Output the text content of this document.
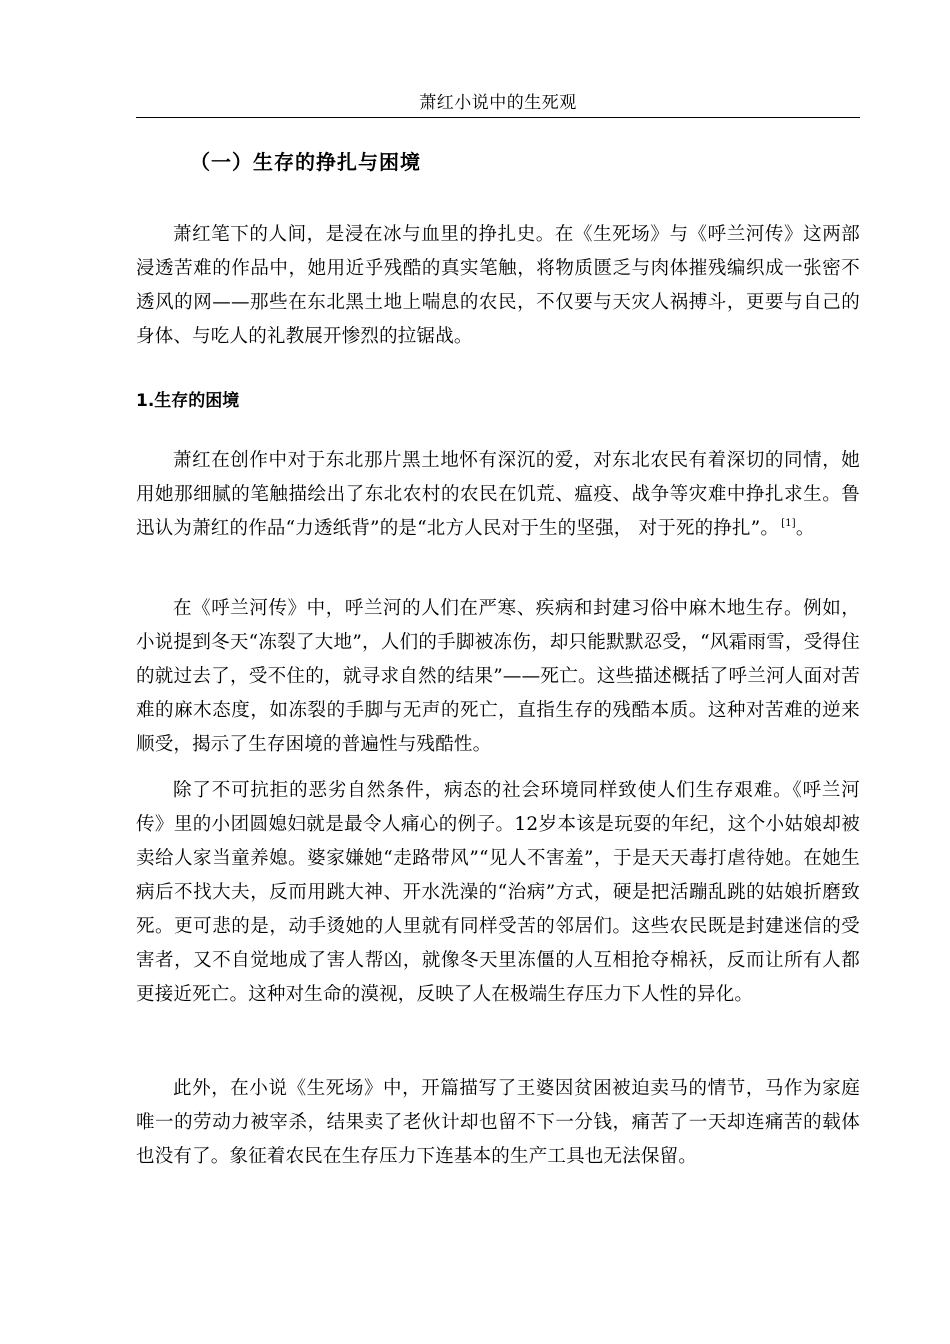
萧红小说中的生死观
（一）生存的挣扎与困境

萧红笔下的人间，是浸在冰与血里的挣扎史。在《生死场》与《呼兰河传》这两部浸透苦难的作品中，她用近乎残酷的真实笔触，将物质匮乏与肉体摧残编织成一张密不透风的网——那些在东北黑土地上喘息的农民，不仅要与天灾人祸搏斗，更要与自己的身体、与吃人的礼教展开惨烈的拉锯战。

1.生存的困境

萧红在创作中对于东北那片黑土地怀有深沉的爱，对东北农民有着深切的同情，她用她那细腻的笔触描绘出了东北农村的农民在饥荒、瘟疫、战争等灾难中挣扎求生。鲁迅认为萧红的作品“力透纸背”的是“北方人民对于生的坚强， 对于死的挣扎”。 [1]。

在《呼兰河传》中，呼兰河的人们在严寒、疾病和封建习俗中麻木地生存。例如，小说提到冬天“冻裂了大地”，人们的手脚被冻伤，却只能默默忍受，“风霜雨雪，受得住的就过去了，受不住的，就寻求自然的结果”——死亡。这些描述概括了呼兰河人面对苦难的麻木态度，如冻裂的手脚与无声的死亡，直指生存的残酷本质。这种对苦难的逆来顺受，揭示了生存困境的普遍性与残酷性。

除了不可抗拒的恶劣自然条件，病态的社会环境同样致使人们生存艰难。《呼兰河传》里的小团圆媳妇就是最令人痛心的例子。12岁本该是玩耍的年纪，这个小姑娘却被卖给人家当童养媳。婆家嫌她“走路带风”“见人不害羞”，于是天天毒打虐待她。在她生病后不找大夫，反而用跳大神、开水洗澡的“治病”方式，硬是把活蹦乱跳的姑娘折磨致死。更可悲的是，动手烫她的人里就有同样受苦的邻居们。这些农民既是封建迷信的受害者，又不自觉地成了害人帮凶，就像冬天里冻僵的人互相抢夺棉袄，反而让所有人都更接近死亡。这种对生命的漠视，反映了人在极端生存压力下人性的异化。

此外，在小说《生死场》中，开篇描写了王婆因贫困被迫卖马的情节，马作为家庭唯一的劳动力被宰杀，结果卖了老伙计却也留不下一分钱，痛苦了一天却连痛苦的载体也没有了。象征着农民在生存压力下连基本的生产工具也无法保留。
